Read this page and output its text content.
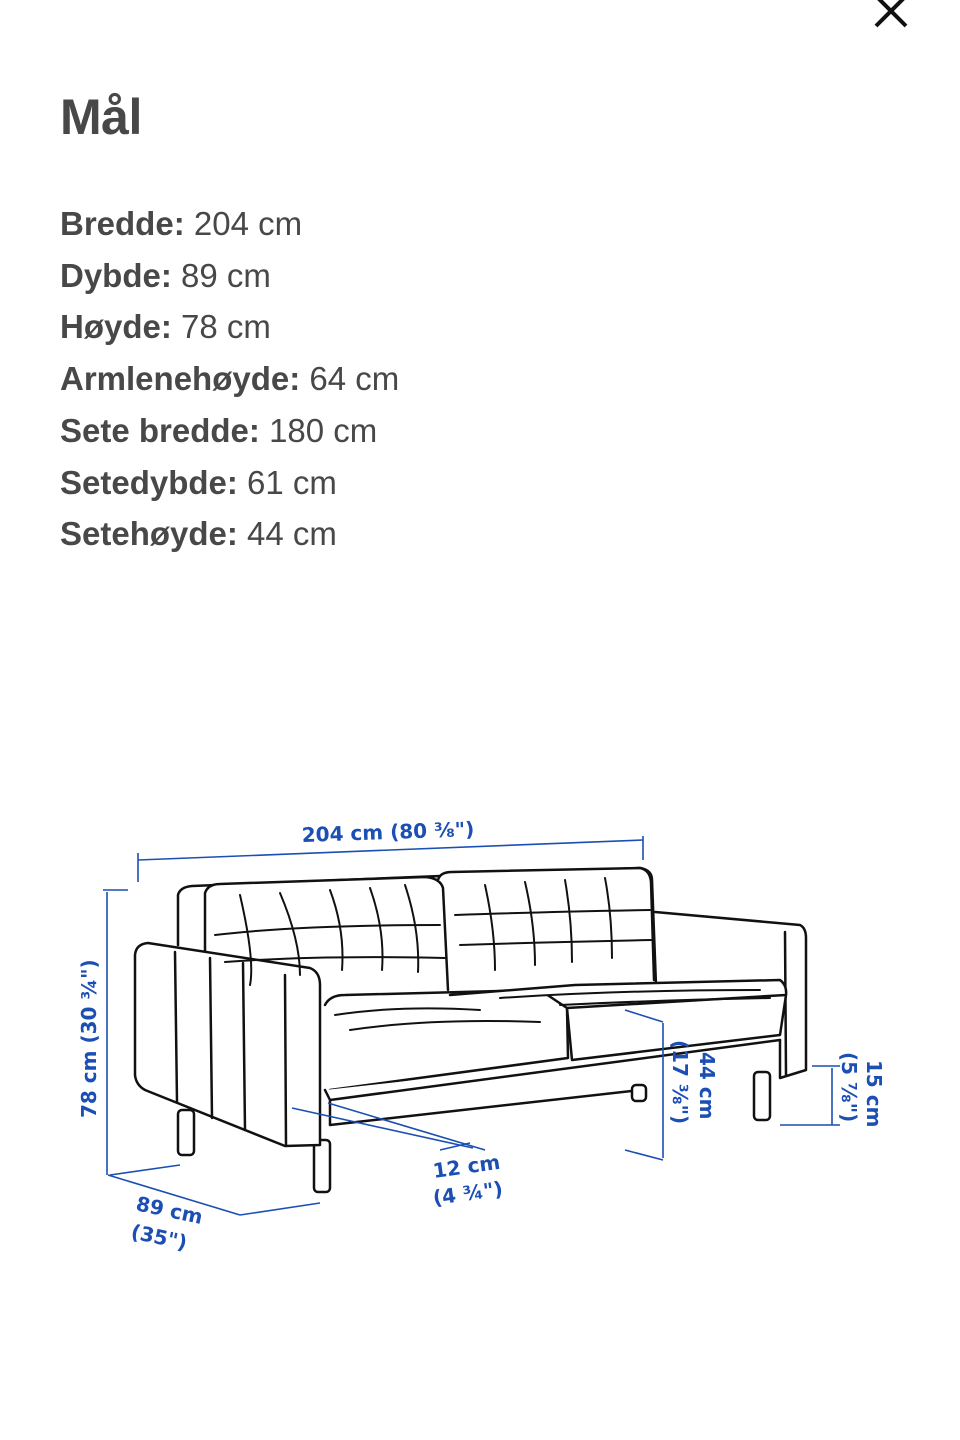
Mål
Bredde: 204 cm
Dybde: 89 cm
Høyde: 78 cm
Armlenehøyde: 64 cm
Sete bredde: 180 cm
Setedybde: 61 cm
Setehøyde: 44 cm
204 cm (80 ⅜")
78 cm (30 ¾")
89 cm
(35")
12 cm
(4 ¾")
44 cm
(17 ⅜")	15 cm
(5 ⅞")
